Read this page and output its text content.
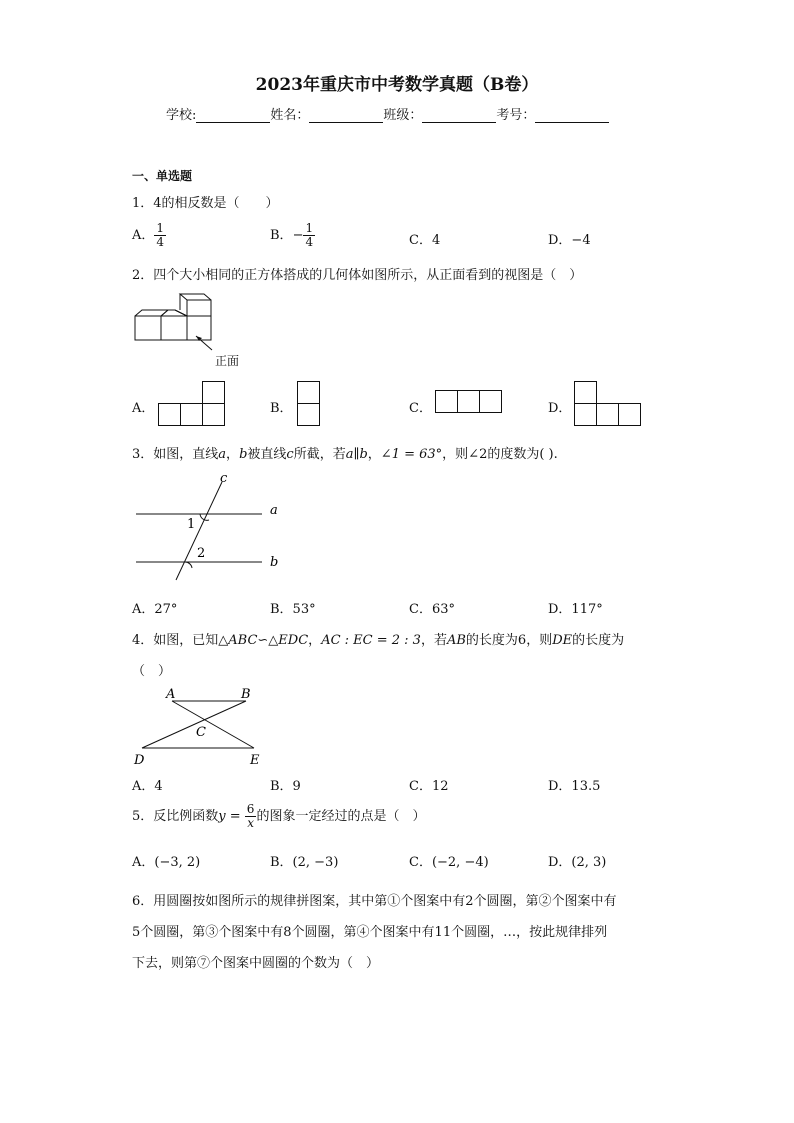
2023年重庆市中考数学真题（B卷）
学校:	姓名：	班级：	考号：
一、单选题
1．4的相反数是（　　）
A． $\frac{1}{4}$	B．− $\frac{1}{4}$	C．4	D．−4
2．四个大小相同的正方体搭成的几何体如图所示，从正面看到的视图是（　）
正面
A．	B．	C．	D．
3．如图，直线a，b被直线c所截，若a∥b，∠1 = 63°，则∠2的度数为( ).
c
a
b
1
2
A．27°	B．53°	C．63°	D．117°
4．如图，已知△ABC∽△EDC，AC : EC = 2 : 3，若AB的长度为6，则DE的长度为
（　）
A	B
C
D	E
A．4	B．9	C．12	D．13.5
5．反比例函数$y = \frac{6}{x}$ 的图象一定经过的点是（　）
A．(−3, 2)	B．(2, −3)	C．(−2, −4)	D．(2, 3)
6．用圆圈按如图所示的规律拼图案，其中第①个图案中有2个圆圈，第②个图案中有
5个圆圈，第③个图案中有8个圆圈，第④个图案中有11个圆圈，…，按此规律排列
下去，则第⑦个图案中圆圈的个数为（　）
